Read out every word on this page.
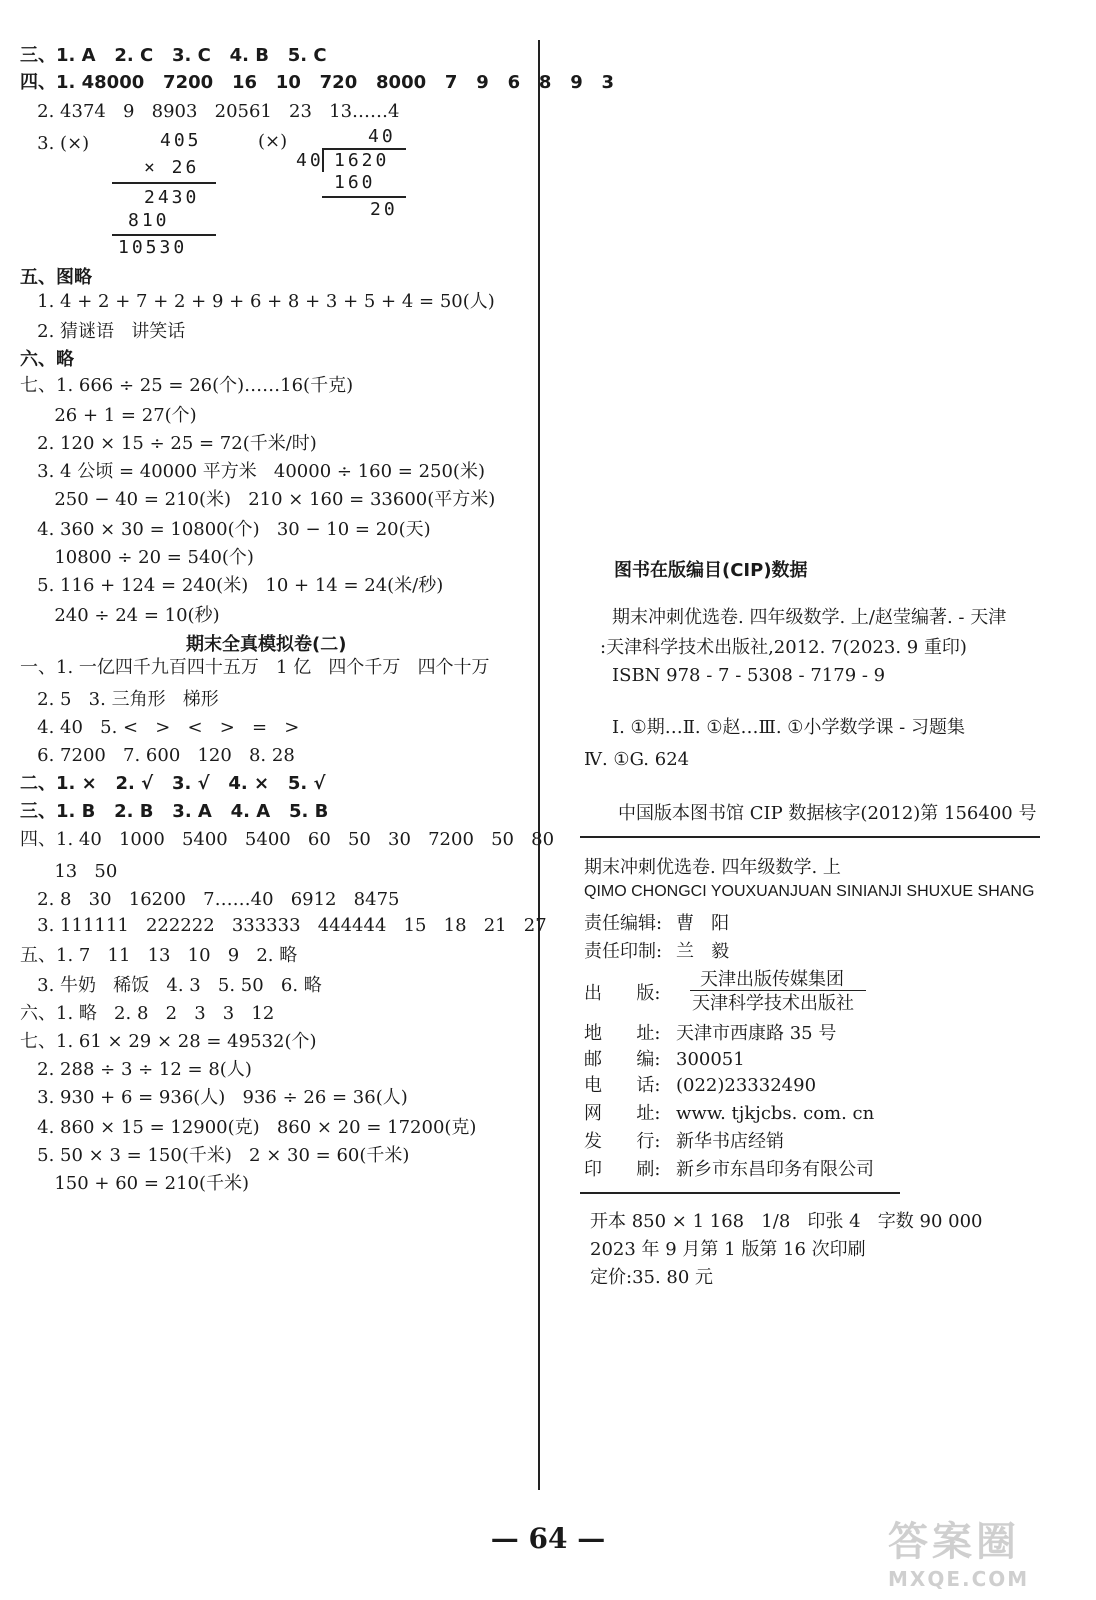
三、1. A   2. C   3. C   4. B   5. C
四、1. 48000   7200   16   10   720   8000   7   9   6   8   9   3
2. 4374   9   8903   20561   23   13……4
3. (×)	(×)
405
× 26
2430
810
10530
40
40 1620
160
20
五、图略
1. 4 + 2 + 7 + 2 + 9 + 6 + 8 + 3 + 5 + 4 = 50(人)
2. 猜谜语   讲笑话
六、略
七、1. 666 ÷ 25 = 26(个)……16(千克)
26 + 1 = 27(个)
2. 120 × 15 ÷ 25 = 72(千米/时)
3. 4 公顷 = 40000 平方米   40000 ÷ 160 = 250(米)
250 − 40 = 210(米)   210 × 160 = 33600(平方米)
4. 360 × 30 = 10800(个)   30 − 10 = 20(天)
10800 ÷ 20 = 540(个)
5. 116 + 124 = 240(米)   10 + 14 = 24(米/秒)
240 ÷ 24 = 10(秒)
期末全真模拟卷(二)
一、1. 一亿四千九百四十五万   1 亿   四个千万   四个十万
2. 5   3. 三角形   梯形
4. 40   5. <   >   <   >   =   >
6. 7200   7. 600   120   8. 28
二、1. ×   2. √   3. √   4. ×   5. √
三、1. B   2. B   3. A   4. A   5. B
四、1. 40   1000   5400   5400   60   50   30   7200   50   80
13   50
2. 8   30   16200   7……40   6912   8475
3. 111111   222222   333333   444444   15   18   21   27
五、1. 7   11   13   10   9   2. 略
3. 牛奶   稀饭   4. 3   5. 50   6. 略
六、1. 略   2. 8   2   3   3   12
七、1. 61 × 29 × 28 = 49532(个)
2. 288 ÷ 3 ÷ 12 = 8(人)
3. 930 + 6 = 936(人)   936 ÷ 26 = 36(人)
4. 860 × 15 = 12900(克)   860 × 20 = 17200(克)
5. 50 × 3 = 150(千米)   2 × 30 = 60(千米)
150 + 60 = 210(千米)
图书在版编目(CIP)数据
期末冲刺优选卷. 四年级数学. 上/赵莹编著. - 天津
:天津科学技术出版社,2012. 7(2023. 9 重印)
ISBN 978 - 7 - 5308 - 7179 - 9
Ⅰ. ①期…Ⅱ. ①赵…Ⅲ. ①小学数学课 - 习题集
Ⅳ. ①G. 624
中国版本图书馆 CIP 数据核字(2012)第 156400 号
期末冲刺优选卷. 四年级数学. 上
QIMO CHONGCI YOUXUANJUAN SINIANJI SHUXUE SHANG
责任编辑: 曹   阳
责任印制: 兰   毅
出      版:
天津出版传媒集团
天津科学技术出版社
地      址: 天津市西康路 35 号
邮      编: 300051
电      话: (022)23332490
网      址: www. tjkjcbs. com. cn
发      行: 新华书店经销
印      刷: 新乡市东昌印务有限公司
开本 850 × 1 168   1/8   印张 4   字数 90 000
2023 年 9 月第 1 版第 16 次印刷
定价:35. 80 元
— 64 —	答案圈
MXQE.COM
